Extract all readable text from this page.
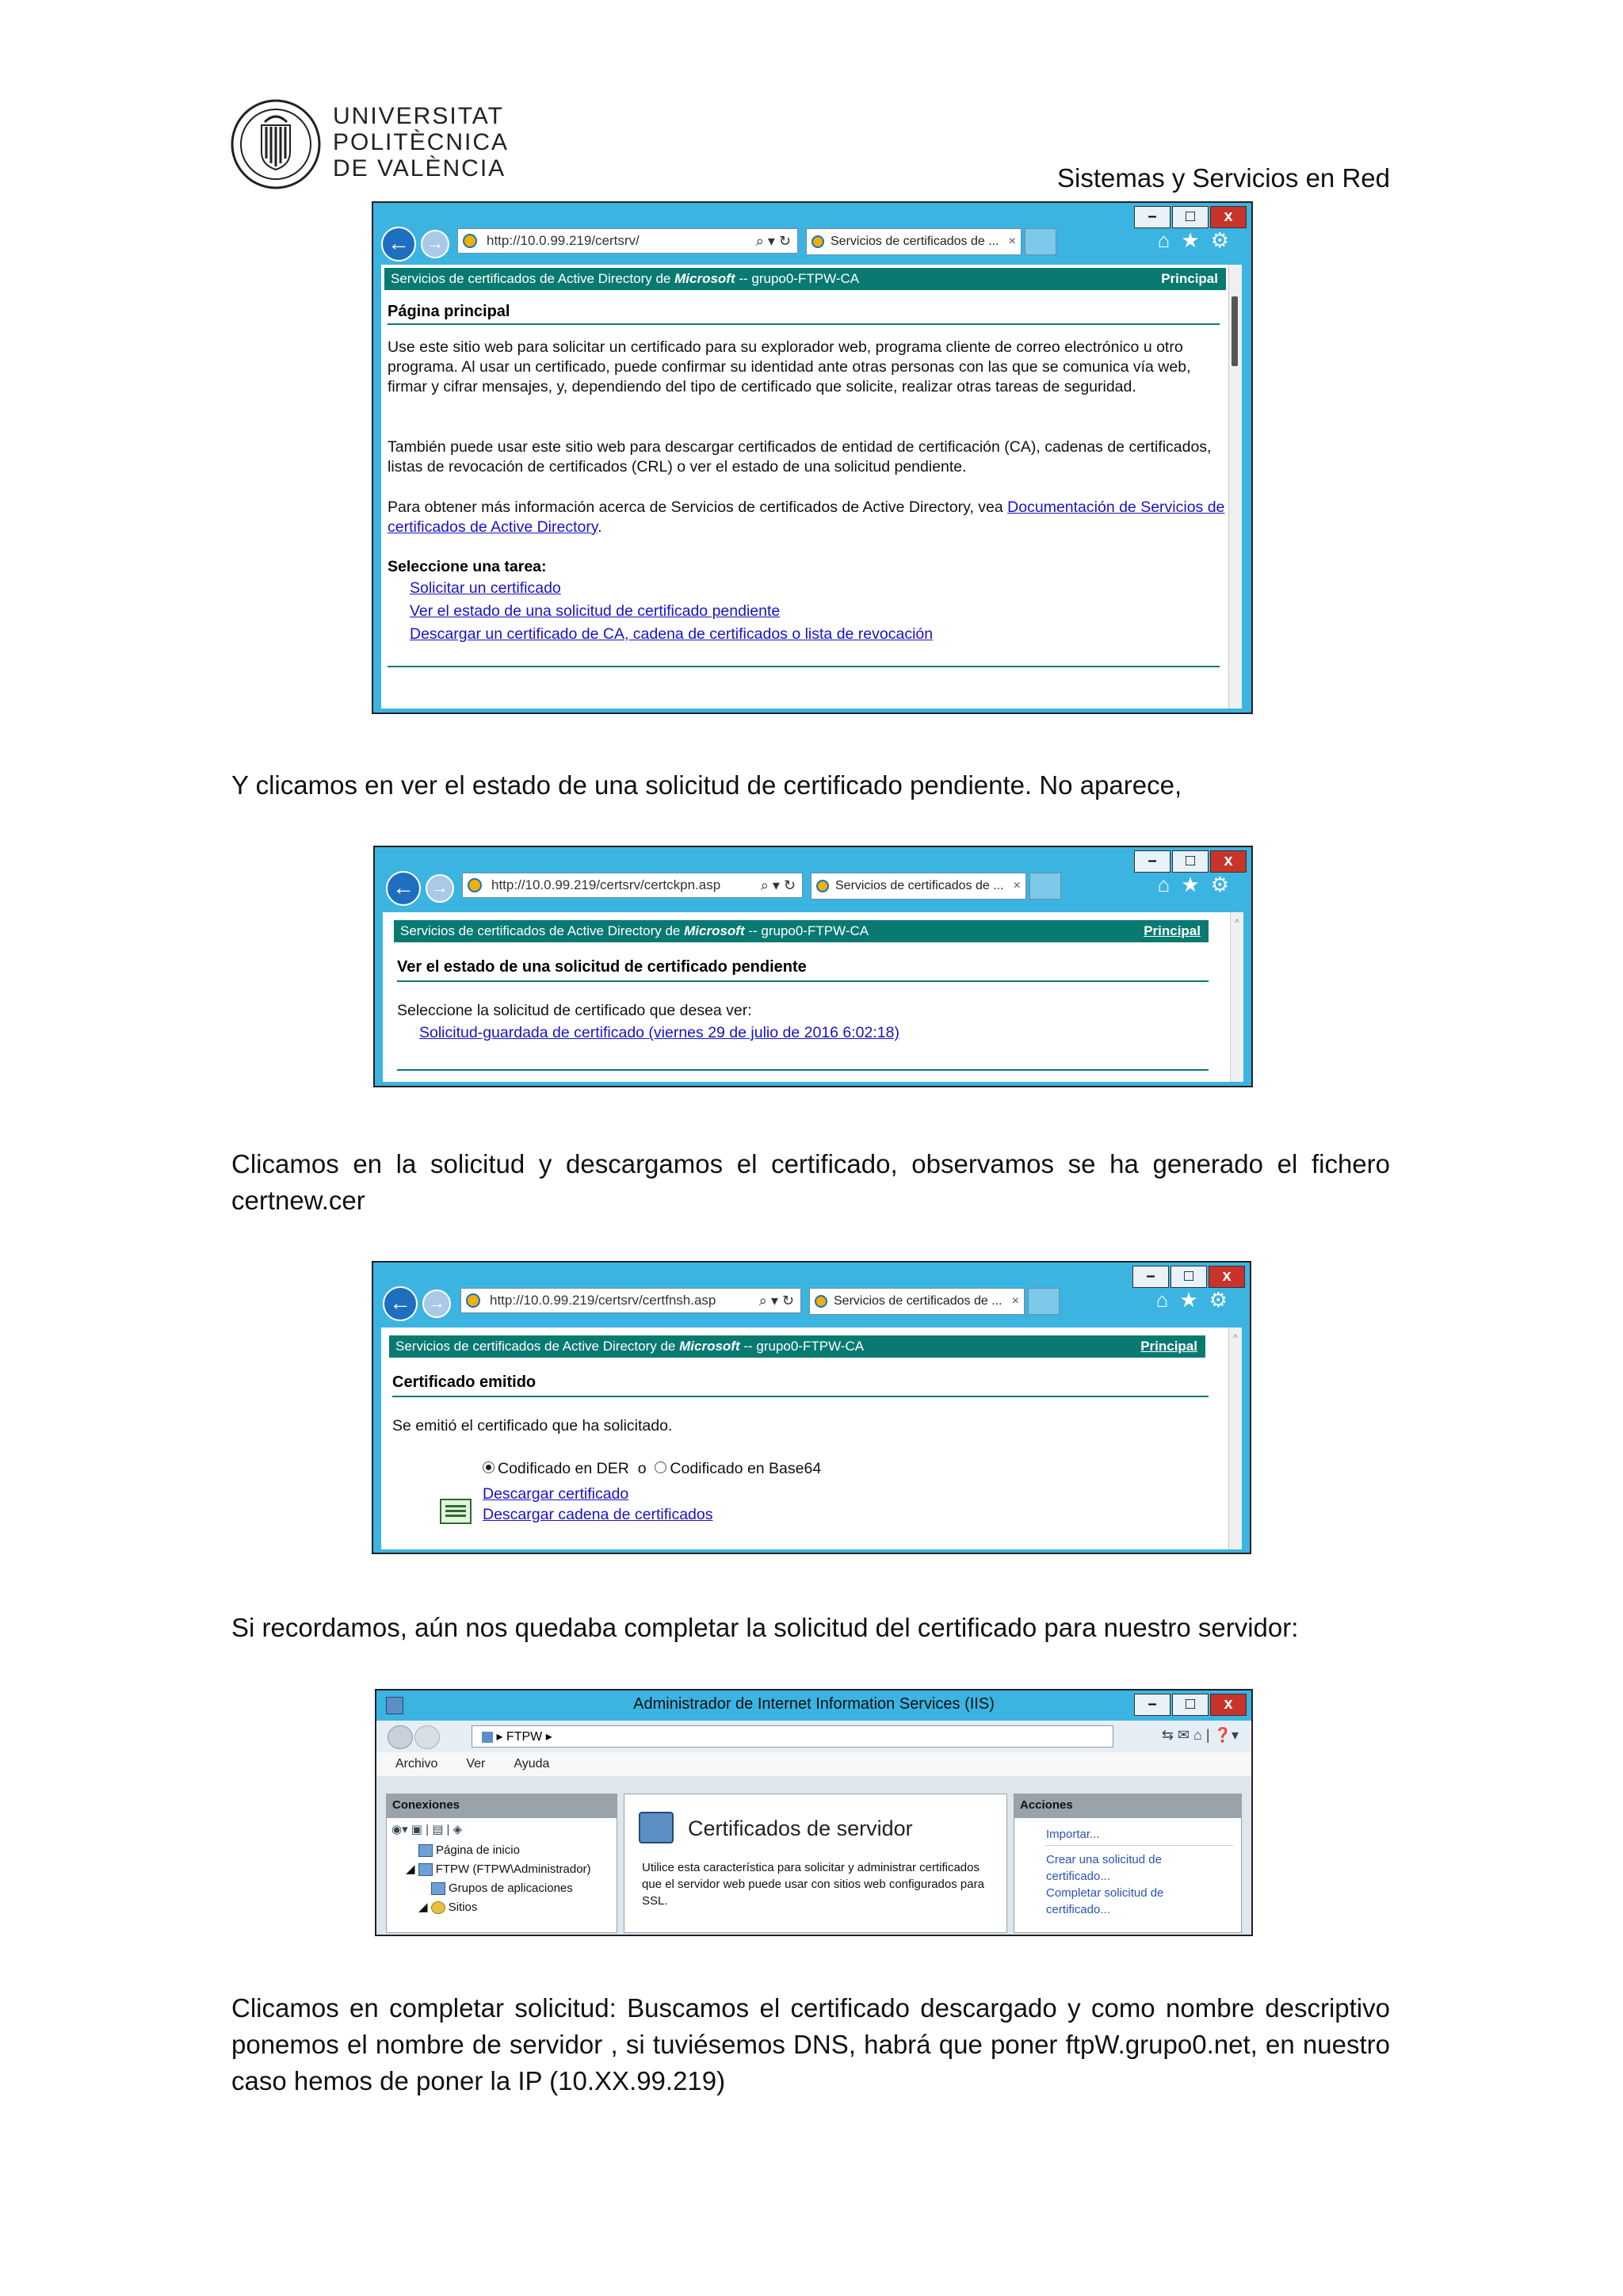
UNIVERSITAT
POLITÈCNICA
DE VALÈNCIA	Sistemas y Servicios en Red
–	□	x
← →	http://10.0.99.219/certsrv/	⌕ ▾ ↻	Servicios de certificados de ... ×	⌂★⚙
Servicios de certificados de Active Directory de Microsoft -- grupo0-FTPW-CA	Principal
Página principal
Use este sitio web para solicitar un certificado para su explorador web, programa cliente de correo electrónico u otro programa. Al usar un certificado, puede confirmar su identidad ante otras personas con las que se comunica vía web, firmar y cifrar mensajes, y, dependiendo del tipo de certificado que solicite, realizar otras tareas de seguridad.
También puede usar este sitio web para descargar certificados de entidad de certificación (CA), cadenas de certificados, listas de revocación de certificados (CRL) o ver el estado de una solicitud pendiente.
Para obtener más información acerca de Servicios de certificados de Active Directory, vea Documentación de Servicios de certificados de Active Directory.
Seleccione una tarea:
Solicitar un certificado
Ver el estado de una solicitud de certificado pendiente
Descargar un certificado de CA, cadena de certificados o lista de revocación
Y clicamos en ver el estado de una solicitud de certificado pendiente. No aparece,
–	□	x
← →	http://10.0.99.219/certsrv/certckpn.asp	⌕ ▾ ↻	Servicios de certificados de ... ×	⌂★⚙
Servicios de certificados de Active Directory de Microsoft -- grupo0-FTPW-CA	Principal
Ver el estado de una solicitud de certificado pendiente
Seleccione la solicitud de certificado que desea ver:
Solicitud-guardada de certificado (viernes 29 de julio de 2016 6:02:18)
^
Clicamos en la solicitud y descargamos el certificado, observamos se ha generado el fichero certnew.cer
–	□	x
← →	http://10.0.99.219/certsrv/certfnsh.asp	⌕ ▾ ↻	Servicios de certificados de ... ×	⌂★⚙
Servicios de certificados de Active Directory de Microsoft -- grupo0-FTPW-CA	Principal
Certificado emitido
Se emitió el certificado que ha solicitado.
Codificado en DER o Codificado en Base64
Descargar certificado
Descargar cadena de certificados
^
Si recordamos, aún nos quedaba completar la solicitud del certificado para nuestro servidor:
Administrador de Internet Information Services (IIS)	–	□	x
▸ FTPW ▸	⇆ ✉ ⌂ | ❓▾
Archivo Ver Ayuda
Conexiones
◉▾ ▣ | ▤ | ◈
Página de inicio
◢ FTPW (FTPW\Administrador)
Grupos de aplicaciones
◢ Sitios
Certificados de servidor
Utilice esta característica para solicitar y administrar certificados que el servidor web puede usar con sitios web configurados para SSL.
Acciones
Importar...
Crear una solicitud de certificado...
Completar solicitud de certificado...
Clicamos en completar solicitud: Buscamos el certificado descargado y como nombre descriptivo ponemos el nombre de servidor , si tuviésemos DNS, habrá que poner ftpW.grupo0.net, en nuestro caso hemos de poner la IP (10.XX.99.219)
